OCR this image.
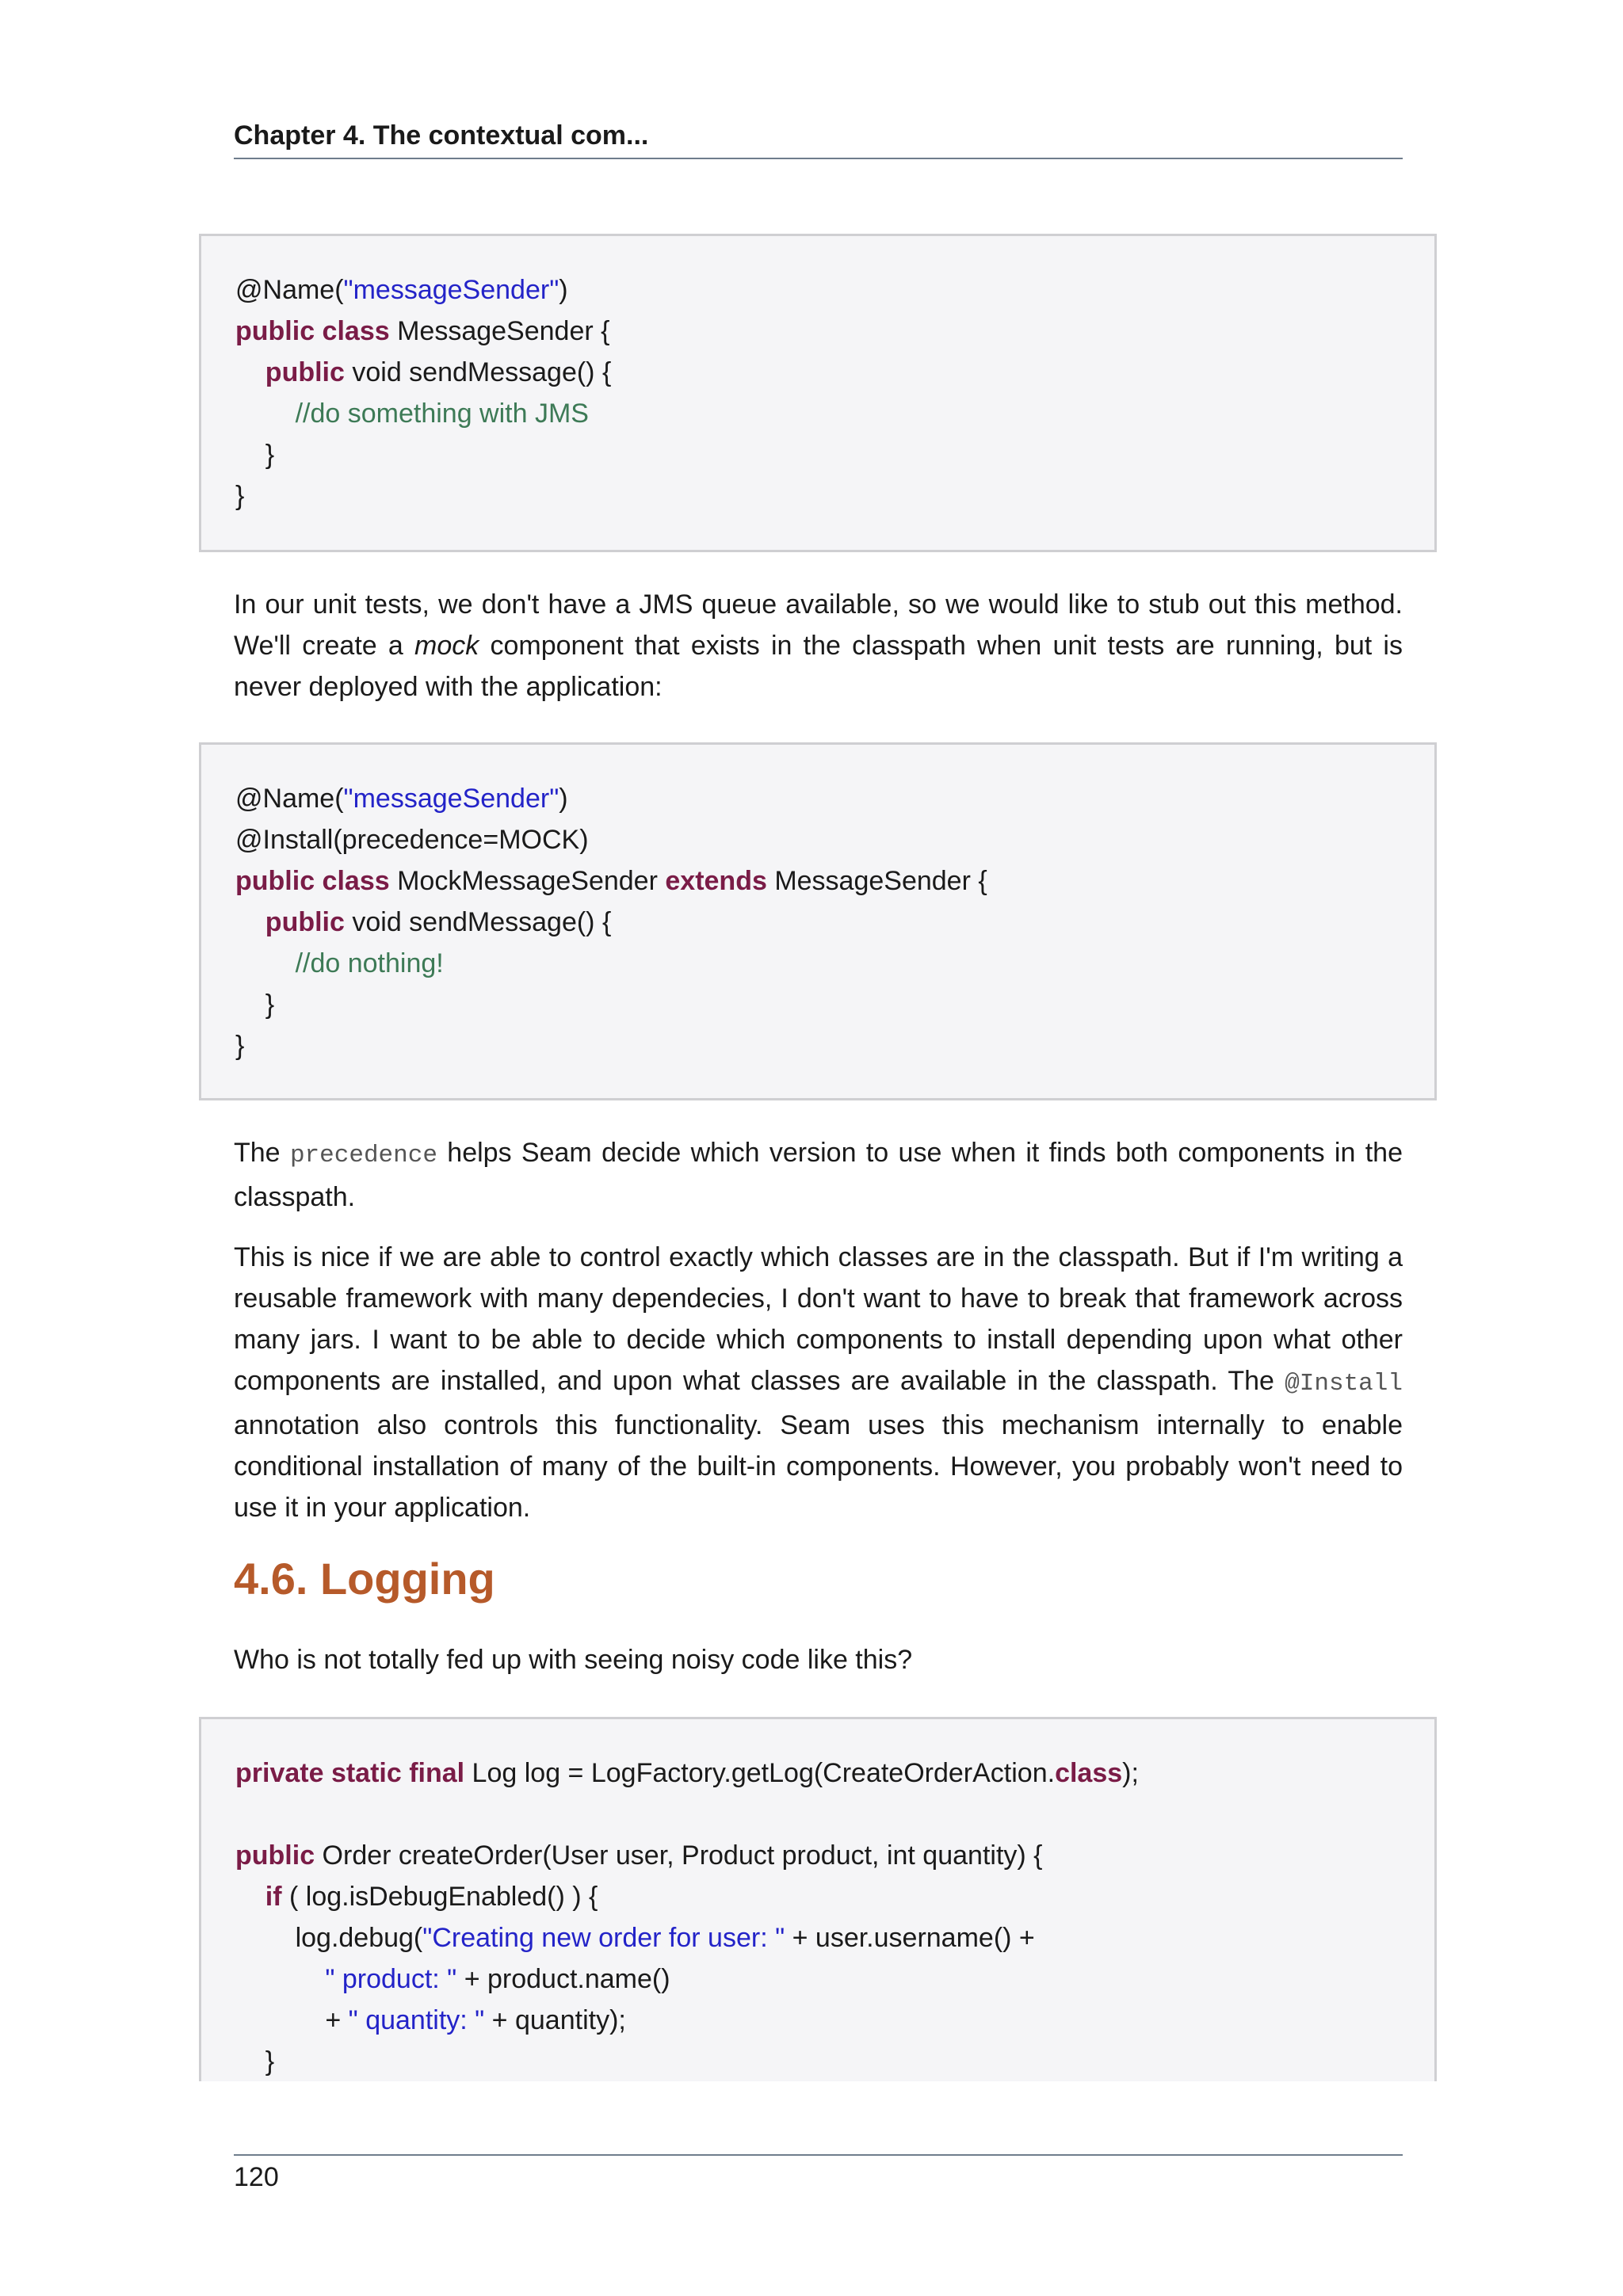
Chapter 4. The contextual com...
@Name("messageSender")
public class MessageSender {
public void sendMessage() {
//do something with JMS
}
}
In our unit tests, we don't have a JMS queue available, so we would like to stub out this method. We'll create a mock component that exists in the classpath when unit tests are running, but is never deployed with the application:
@Name("messageSender")
@Install(precedence=MOCK)
public class MockMessageSender extends MessageSender {
public void sendMessage() {
//do nothing!
}
}
The precedence helps Seam decide which version to use when it finds both components in the classpath.
This is nice if we are able to control exactly which classes are in the classpath. But if I'm writing a reusable framework with many dependecies, I don't want to have to break that framework across many jars. I want to be able to decide which components to install depending upon what other components are installed, and upon what classes are available in the classpath. The @Install annotation also controls this functionality. Seam uses this mechanism internally to enable conditional installation of many of the built-in components. However, you probably won't need to use it in your application.
4.6. Logging
Who is not totally fed up with seeing noisy code like this?
private static final Log log = LogFactory.getLog(CreateOrderAction.class);
public Order createOrder(User user, Product product, int quantity) {
if ( log.isDebugEnabled() ) {
log.debug("Creating new order for user: " + user.username() +
" product: " + product.name()
+ " quantity: " + quantity);
}
120
